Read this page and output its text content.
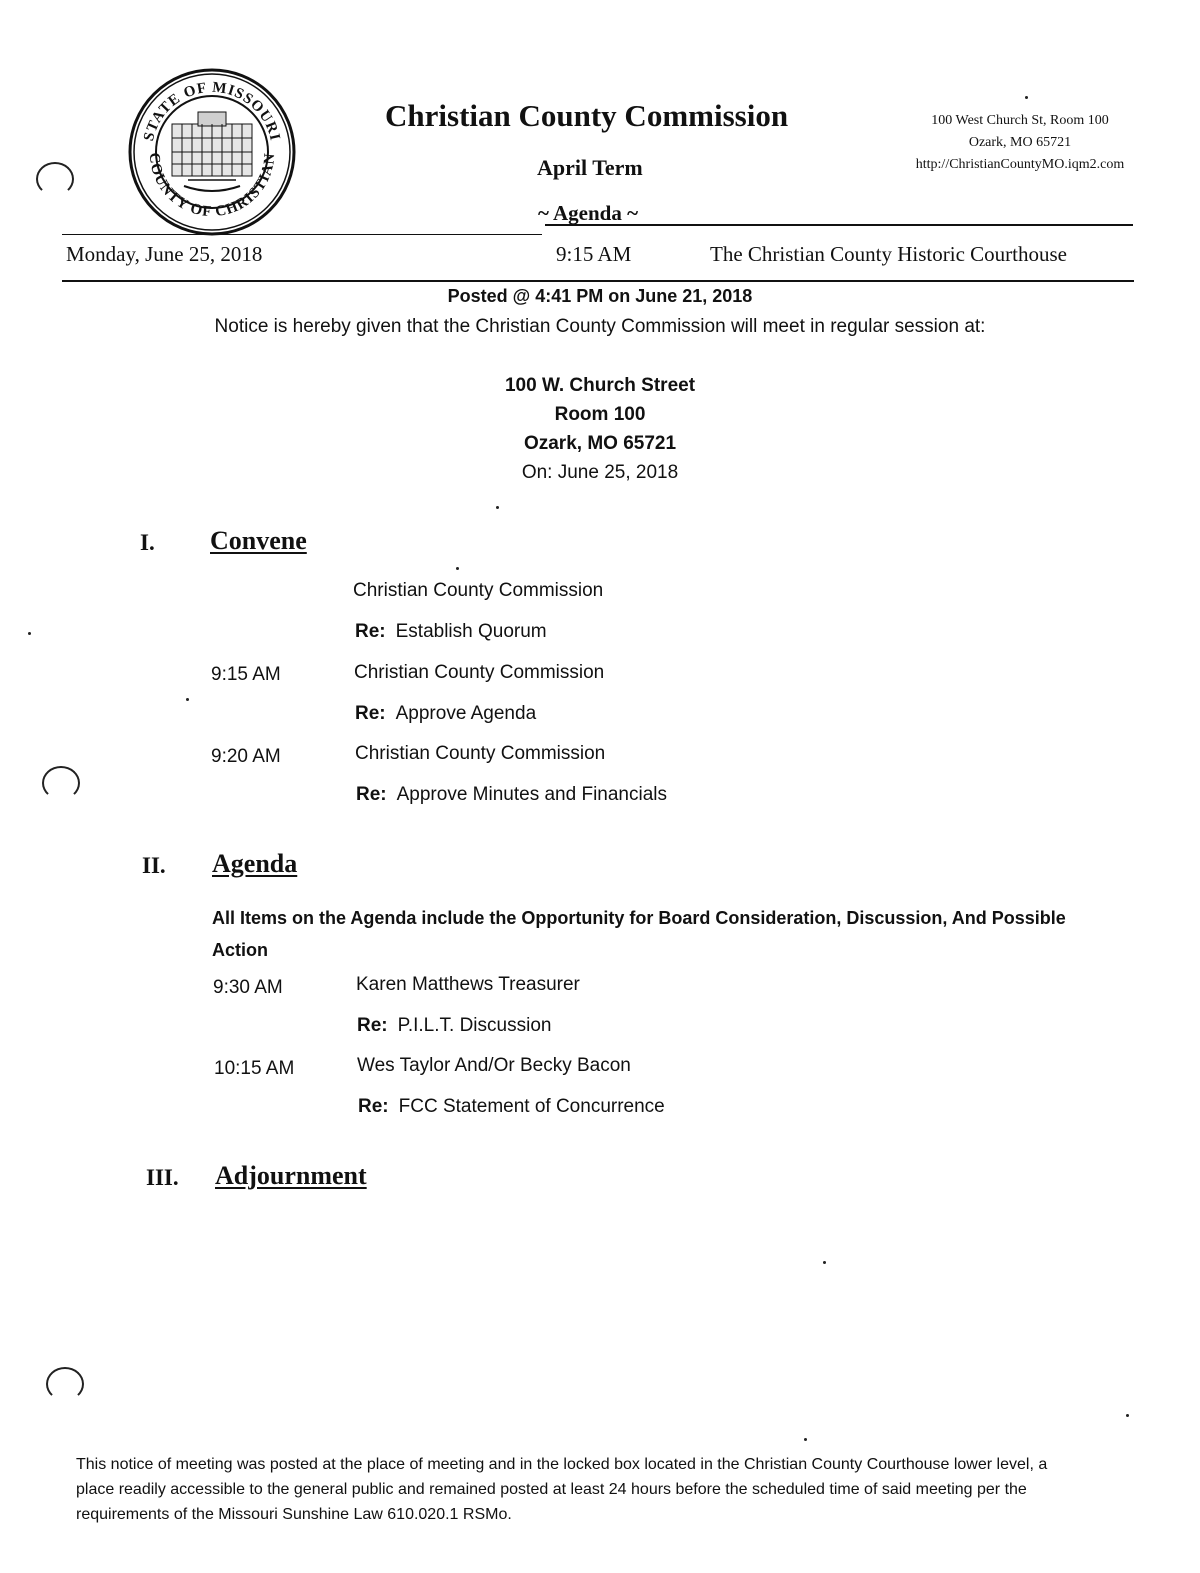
STATE OF MISSOURI
COUNTY OF CHRISTIAN
Christian County Commission
April Term
~ Agenda ~
100 West Church St, Room 100
Ozark, MO 65721
http://ChristianCountyMO.iqm2.com
Monday, June 25, 2018	9:15 AM	The Christian County Historic Courthouse
Posted @ 4:41 PM on June 21, 2018
Notice is hereby given that the Christian County Commission will meet in regular session at:
100 W. Church Street
Room 100
Ozark, MO 65721
On: June 25, 2018
I. Convene
Christian County Commission
Re: Establish Quorum
9:15 AM	Christian County Commission
Re: Approve Agenda
9:20 AM	Christian County Commission
Re: Approve Minutes and Financials
II. Agenda
All Items on the Agenda include the Opportunity for Board Consideration, Discussion, And Possible Action
9:30 AM	Karen Matthews Treasurer
Re: P.I.L.T. Discussion
10:15 AM	Wes Taylor And/Or Becky Bacon
Re: FCC Statement of Concurrence
III. Adjournment
This notice of meeting was posted at the place of meeting and in the locked box located in the Christian County Courthouse lower level, a place readily accessible to the general public and remained posted at least 24 hours before the scheduled time of said meeting per the requirements of the Missouri Sunshine Law 610.020.1 RSMo.
